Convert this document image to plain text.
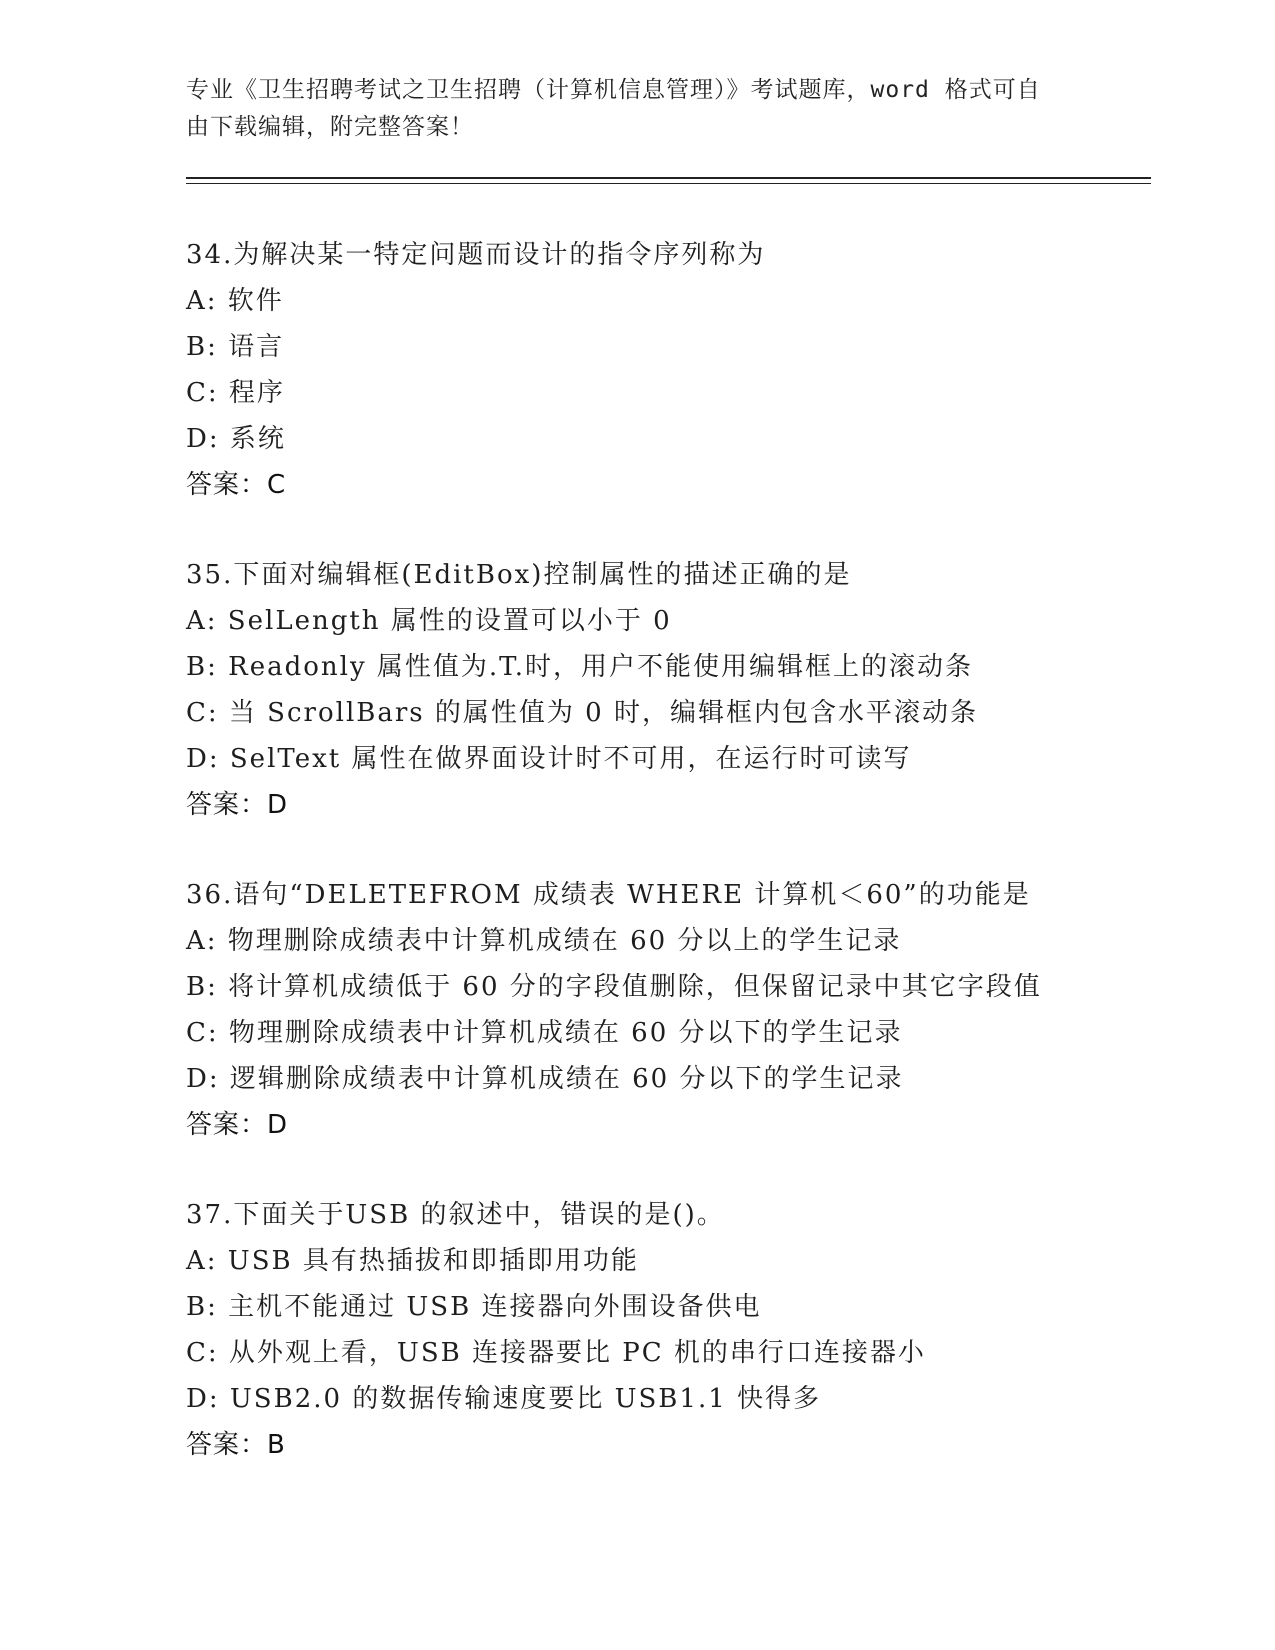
专业《卫生招聘考试之卫生招聘（计算机信息管理）》考试题库，word 格式可自
由下载编辑，附完整答案！
34.为解决某一特定问题而设计的指令序列称为
A: 软件
B: 语言
C: 程序
D: 系统
答案：C
35.下面对编辑框(EditBox)控制属性的描述正确的是
A: SelLength 属性的设置可以小于 0
B: Readonly 属性值为.T.时，用户不能使用编辑框上的滚动条
C: 当 ScrollBars 的属性值为 0 时，编辑框内包含水平滚动条
D: SelText 属性在做界面设计时不可用，在运行时可读写
答案：D
36.语句“DELETEFROM 成绩表 WHERE 计算机＜60”的功能是
A: 物理删除成绩表中计算机成绩在 60 分以上的学生记录
B: 将计算机成绩低于 60 分的字段值删除，但保留记录中其它字段值
C: 物理删除成绩表中计算机成绩在 60 分以下的学生记录
D: 逻辑删除成绩表中计算机成绩在 60 分以下的学生记录
答案：D
37.下面关于USB 的叙述中，错误的是()。
A: USB 具有热插拔和即插即用功能
B: 主机不能通过 USB 连接器向外围设备供电
C: 从外观上看，USB 连接器要比 PC 机的串行口连接器小
D: USB2.0 的数据传输速度要比 USB1.1 快得多
答案：B
